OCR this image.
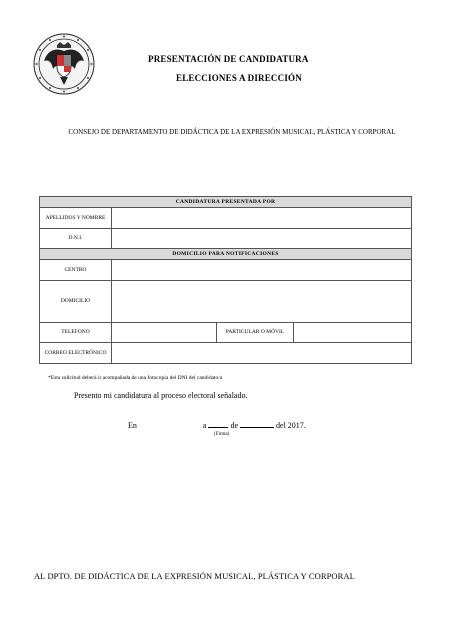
PRESENTACIÓN DE CANDIDATURA
ELECCIONES A DIRECCIÓN
CONSEJO DE DEPARTAMENTO DE DIDÁCTICA DE LA EXPRESIÓN MUSICAL, PLÁSTICA Y CORPORAL
CANDIDATURA PRESENTADA POR			
APELLIDOS Y NOMBRE			
D.N.I.			
DOMICILIO PARA NOTIFICACIONES			
CENTRO			
DOMICILIO			
TELEFONO		PARTICULAR O MÓVIL	
CORREO ELECTRÓNICO			
*Esta solicitud deberá ir acompañada de una fotocopia del DNI del candidato/a
Presento mi candidatura al proceso electoral señalado.
En	a	de	del 2017.
(Firma)
AL DPTO. DE DIDÁCTICA DE LA EXPRESIÓN MUSICAL, PLÁSTICA Y CORPORAL
